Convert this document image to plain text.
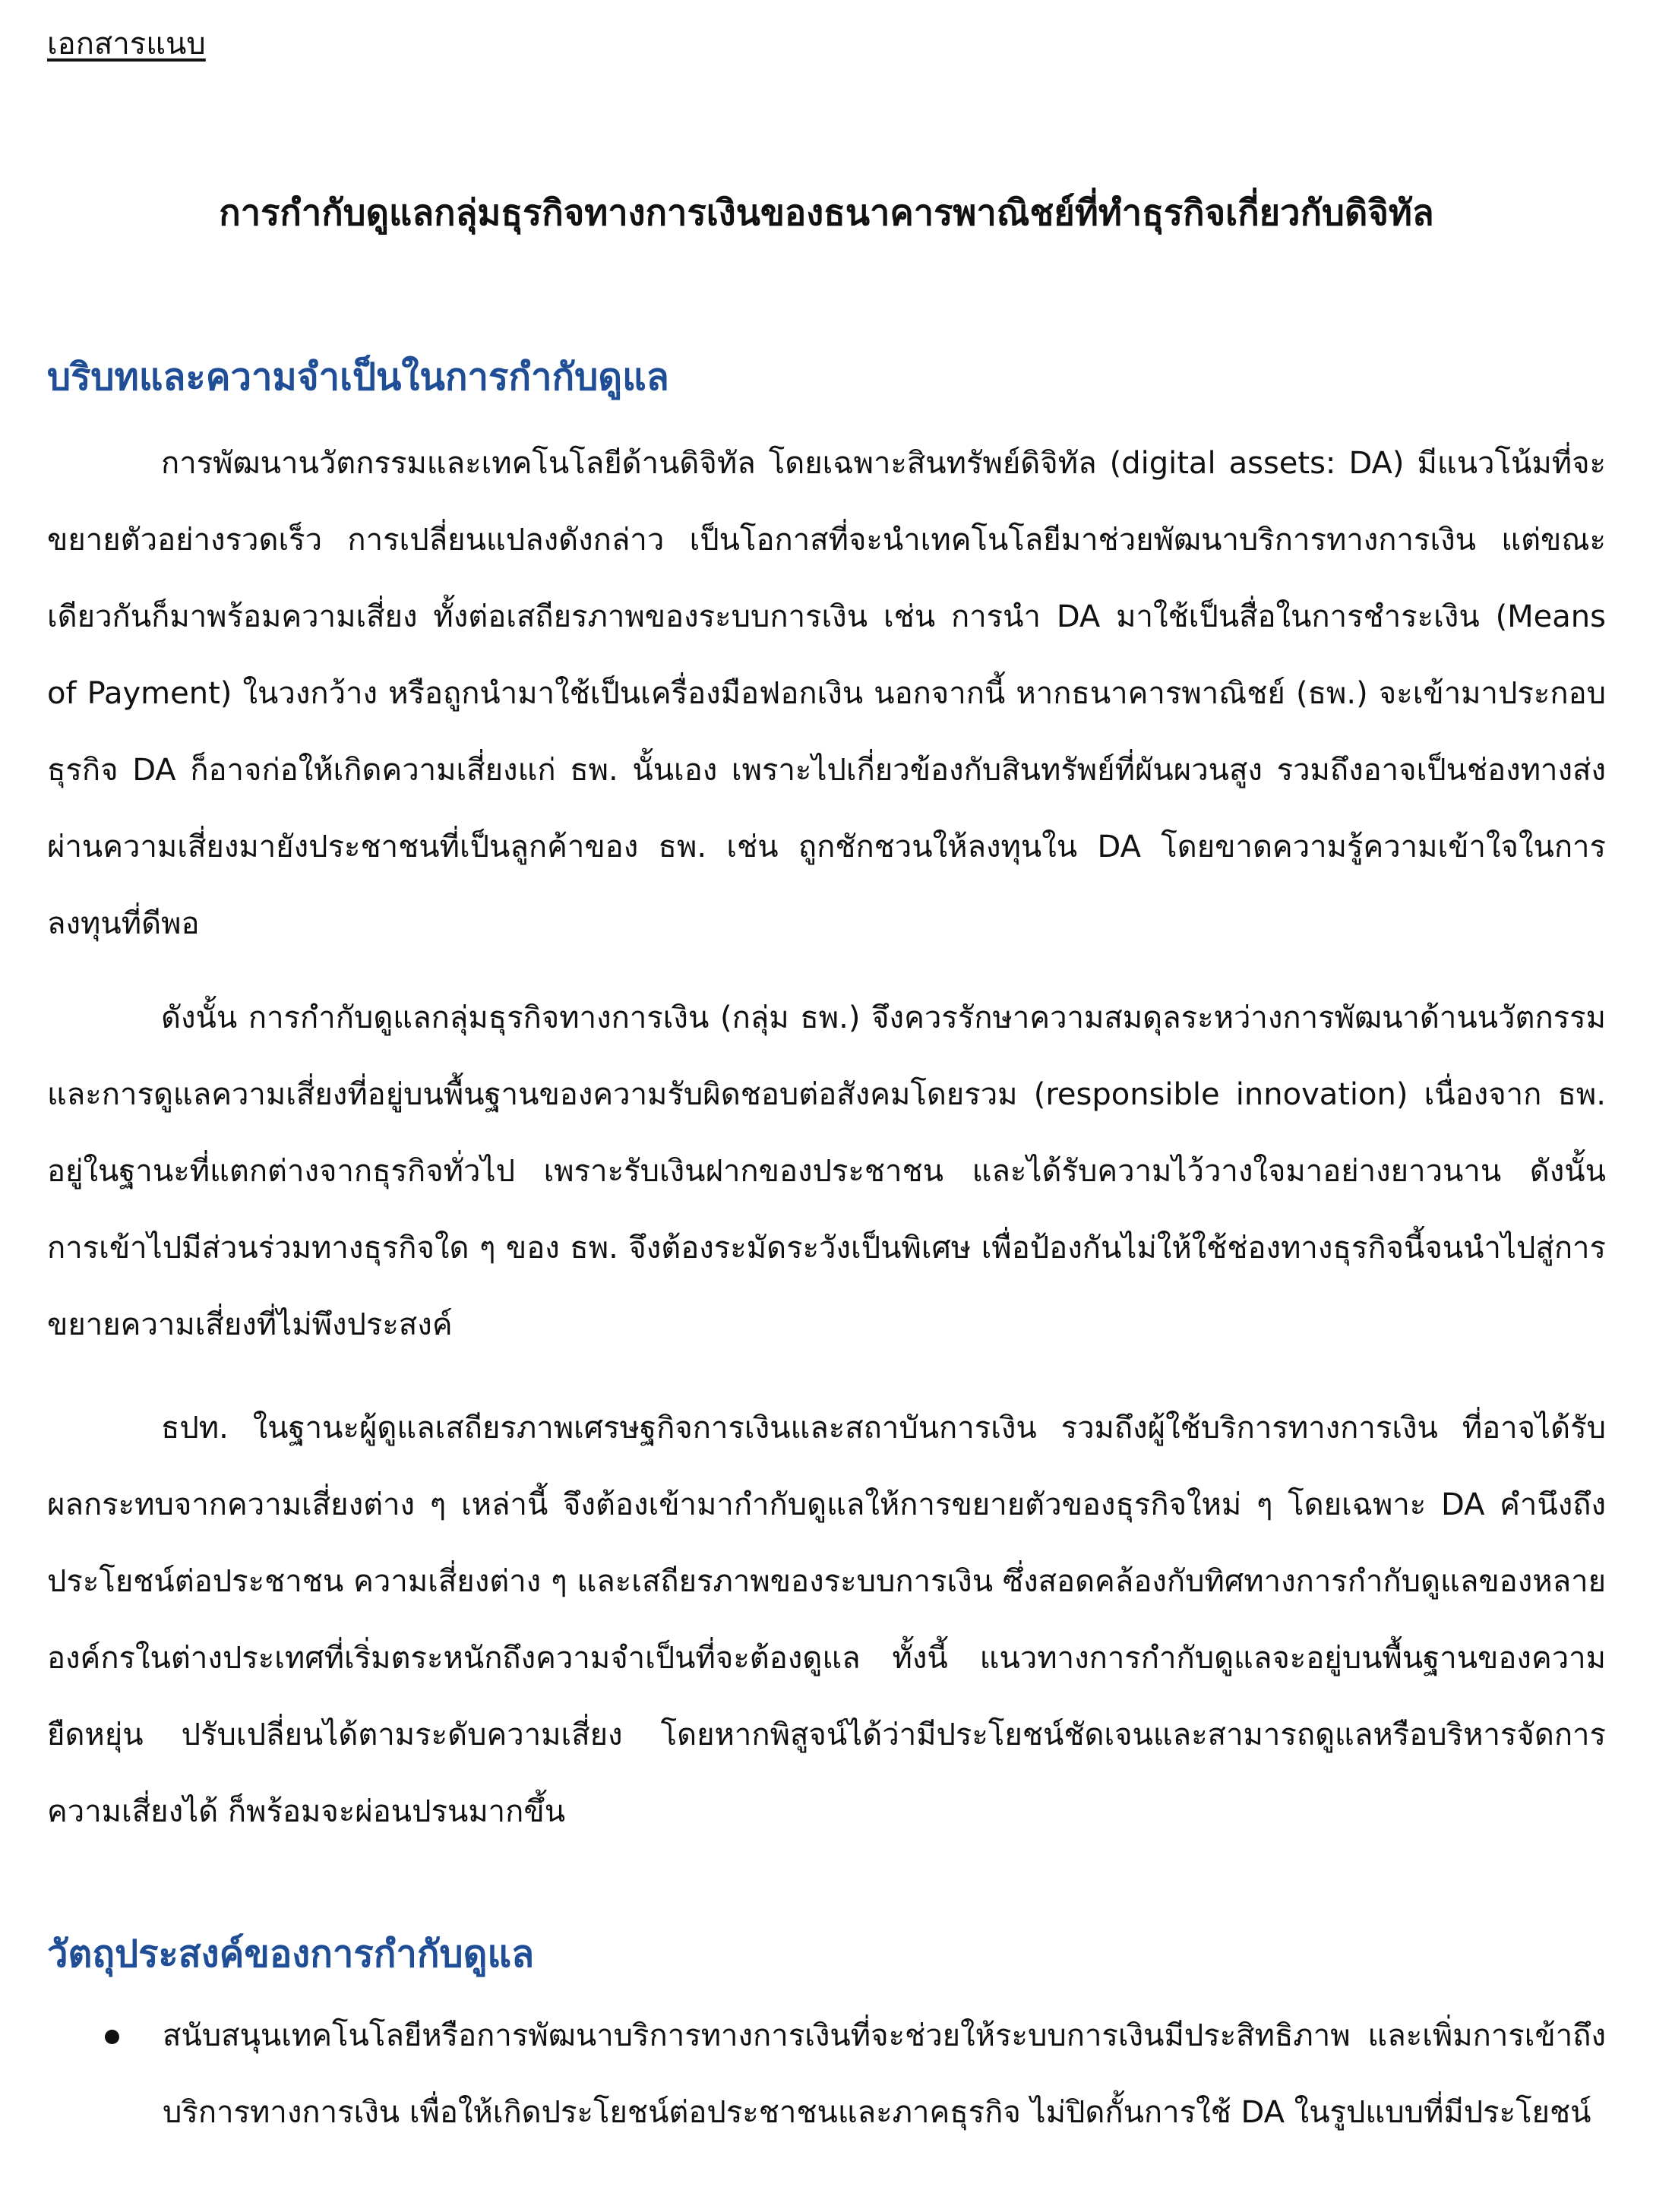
เอกสารแนบ
การกำกับดูแลกลุ่มธุรกิจทางการเงินของธนาคารพาณิชย์ที่ทำธุรกิจเกี่ยวกับดิจิทัล
บริบทและความจำเป็นในการกำกับดูแล

การพัฒนานวัตกรรมและเทคโนโลยีด้านดิจิทัล โดยเฉพาะสินทรัพย์ดิจิทัล (digital assets: DA) มีแนวโน้มที่จะขยายตัวอย่างรวดเร็ว การเปลี่ยนแปลงดังกล่าว เป็นโอกาสที่จะนำเทคโนโลยีมาช่วยพัฒนาบริการทางการเงิน แต่ขณะเดียวกันก็มาพร้อมความเสี่ยง ทั้งต่อเสถียรภาพของระบบการเงิน เช่น การนำ DA มาใช้เป็นสื่อในการชำระเงิน (Means of Payment) ในวงกว้าง หรือถูกนำมาใช้เป็นเครื่องมือฟอกเงิน นอกจากนี้ หากธนาคารพาณิชย์ (ธพ.) จะเข้ามาประกอบธุรกิจ DA ก็อาจก่อให้เกิดความเสี่ยงแก่ ธพ. นั้นเอง เพราะไปเกี่ยวข้องกับสินทรัพย์ที่ผันผวนสูง รวมถึงอาจเป็นช่องทางส่งผ่านความเสี่ยงมายังประชาชนที่เป็นลูกค้าของ ธพ. เช่น ถูกชักชวนให้ลงทุนใน DA โดยขาดความรู้ความเข้าใจในการลงทุนที่ดีพอ

ดังนั้น การกำกับดูแลกลุ่มธุรกิจทางการเงิน (กลุ่ม ธพ.) จึงควรรักษาความสมดุลระหว่างการพัฒนาด้านนวัตกรรมและการดูแลความเสี่ยงที่อยู่บนพื้นฐานของความรับผิดชอบต่อสังคมโดยรวม (responsible innovation) เนื่องจาก ธพ. อยู่ในฐานะที่แตกต่างจากธุรกิจทั่วไป เพราะรับเงินฝากของประชาชน และได้รับความไว้วางใจมาอย่างยาวนาน ดังนั้น การเข้าไปมีส่วนร่วมทางธุรกิจใด ๆ ของ ธพ. จึงต้องระมัดระวังเป็นพิเศษ เพื่อป้องกันไม่ให้ใช้ช่องทางธุรกิจนี้จนนำไปสู่การขยายความเสี่ยงที่ไม่พึงประสงค์

ธปท. ในฐานะผู้ดูแลเสถียรภาพเศรษฐกิจการเงินและสถาบันการเงิน รวมถึงผู้ใช้บริการทางการเงิน ที่อาจได้รับผลกระทบจากความเสี่ยงต่าง ๆ เหล่านี้ จึงต้องเข้ามากำกับดูแลให้การขยายตัวของธุรกิจใหม่ ๆ โดยเฉพาะ DA คำนึงถึงประโยชน์ต่อประชาชน ความเสี่ยงต่าง ๆ และเสถียรภาพของระบบการเงิน ซึ่งสอดคล้องกับทิศทางการกำกับดูแลของหลายองค์กรในต่างประเทศที่เริ่มตระหนักถึงความจำเป็นที่จะต้องดูแล ทั้งนี้ แนวทางการกำกับดูแลจะอยู่บนพื้นฐานของความยืดหยุ่น ปรับเปลี่ยนได้ตามระดับความเสี่ยง โดยหากพิสูจน์ได้ว่ามีประโยชน์ชัดเจนและสามารถดูแลหรือบริหารจัดการความเสี่ยงได้ ก็พร้อมจะผ่อนปรนมากขึ้น

วัตถุประสงค์ของการกำกับดูแล
สนับสนุนเทคโนโลยีหรือการพัฒนาบริการทางการเงินที่จะช่วยให้ระบบการเงินมีประสิทธิภาพ และเพิ่มการเข้าถึงบริการทางการเงิน เพื่อให้เกิดประโยชน์ต่อประชาชนและภาคธุรกิจ ไม่ปิดกั้นการใช้ DA ในรูปแบบที่มีประโยชน์
